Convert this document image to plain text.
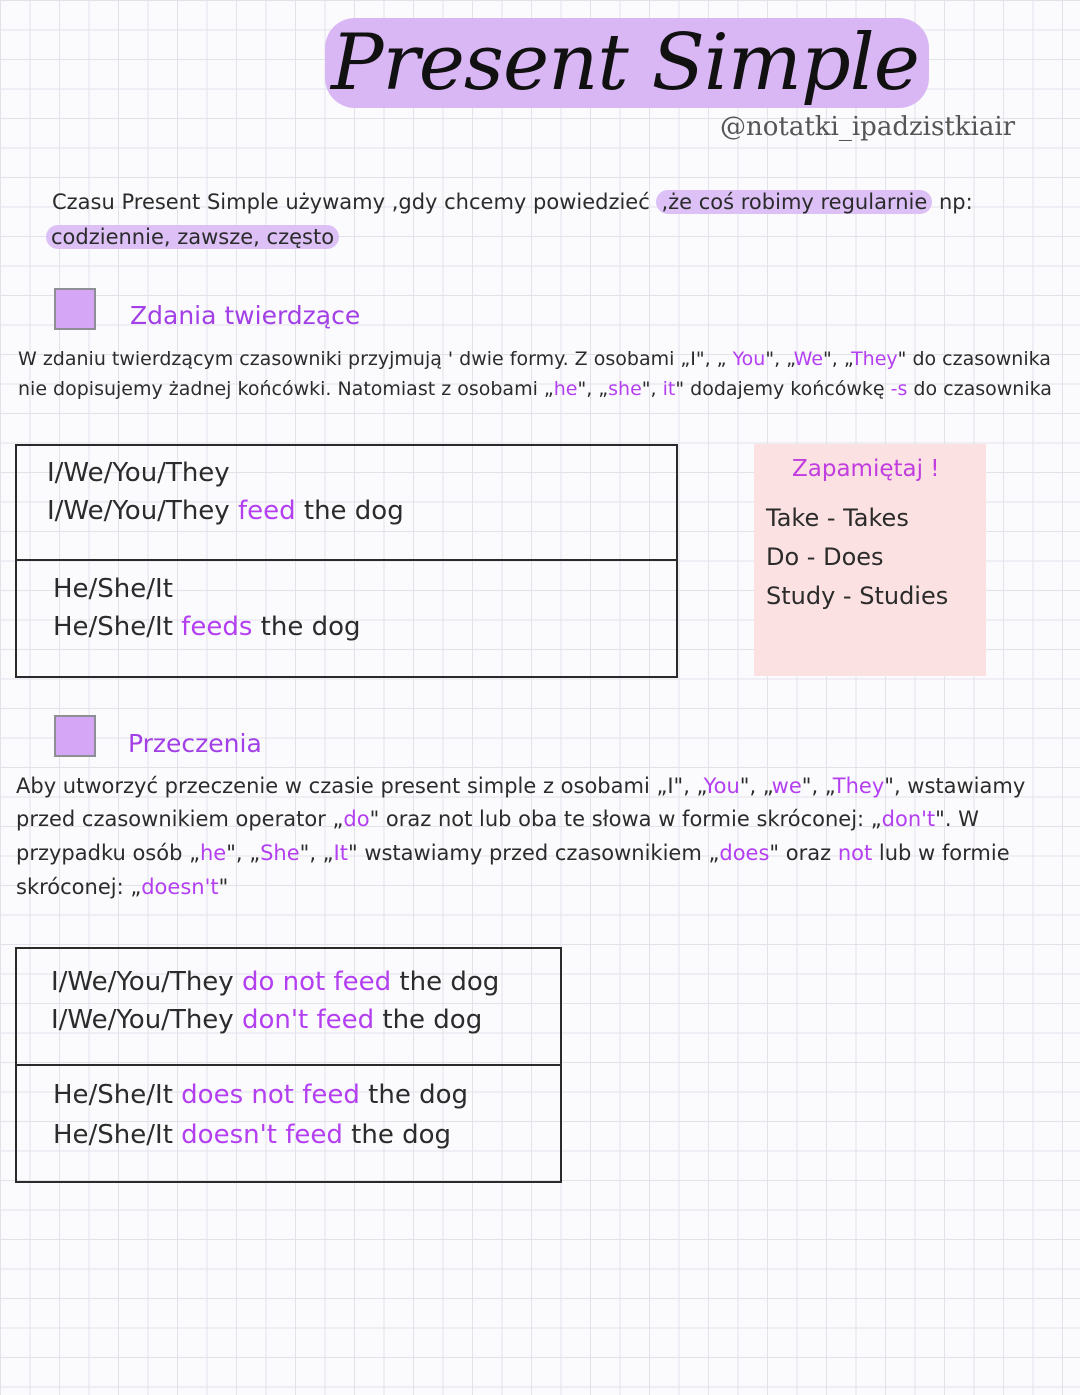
Present Simple
@notatki_ipadzistkiair
Czasu Present Simple używamy ,gdy chcemy powiedzieć ,że coś robimy regularnie np:
codziennie, zawsze, często
Zdania twierdzące
W zdaniu twierdzącym czasowniki przyjmują ' dwie formy. Z osobami „I", „ You", „We", „They" do czasownika
nie dopisujemy żadnej końcówki. Natomiast z osobami „he", „she", it" dodajemy końcówkę -s do czasownika
I/We/You/They
I/We/You/They feed the dog
He/She/It
He/She/It feeds the dog
Zapamiętaj !
Take - Takes
Do - Does
Study - Studies
Przeczenia
Aby utworzyć przeczenie w czasie present simple z osobami „I", „You", „we", „They", wstawiamy
przed czasownikiem operator „do" oraz not lub oba te słowa w formie skróconej: „don't". W
przypadku osób „he", „She", „It" wstawiamy przed czasownikiem „does" oraz not lub w formie
skróconej: „doesn't"
I/We/You/They do not feed the dog
I/We/You/They don't feed the dog
He/She/It does not feed the dog
He/She/It doesn't feed the dog
